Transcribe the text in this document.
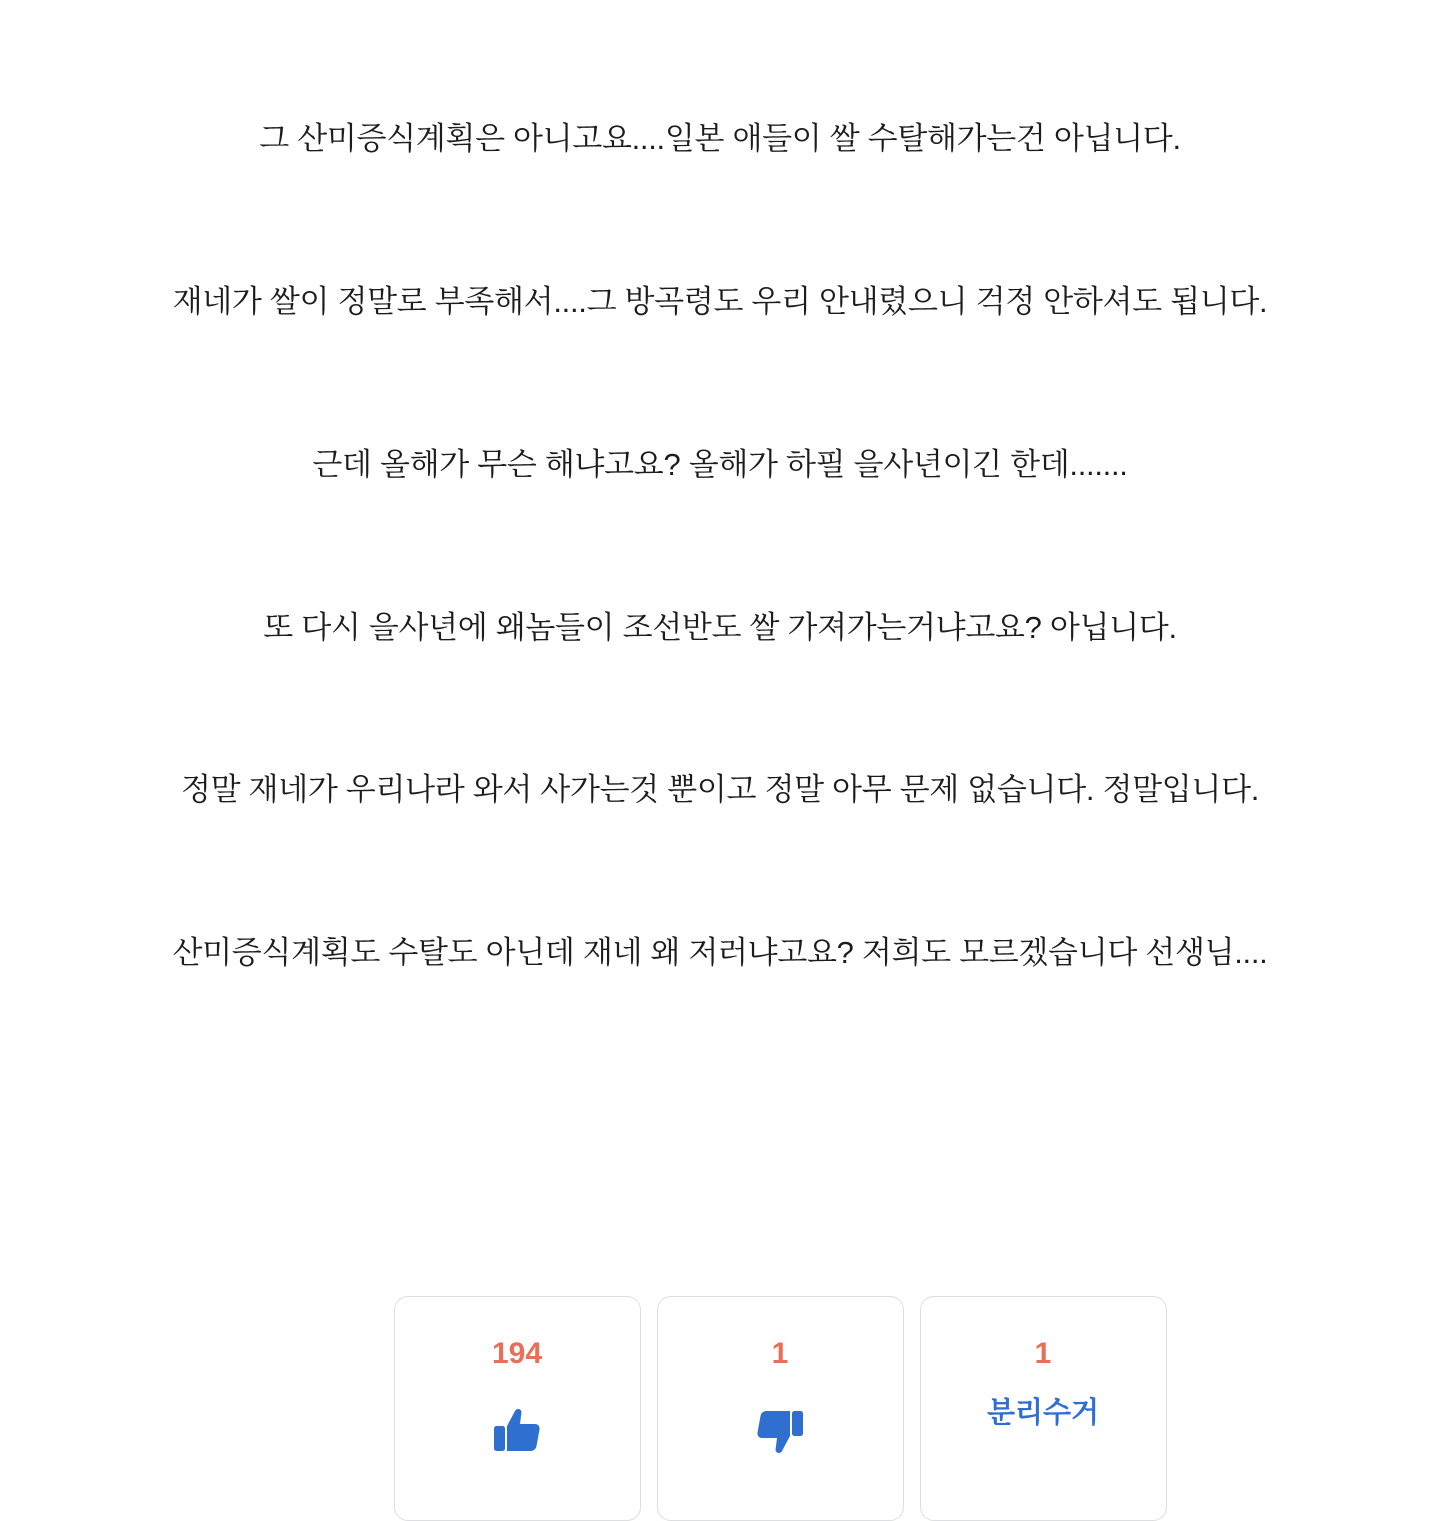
그 산미증식계획은 아니고요....일본 애들이 쌀 수탈해가는건 아닙니다.

재네가 쌀이 정말로 부족해서....그 방곡령도 우리 안내렸으니 걱정 안하셔도 됩니다.

근데 올해가 무슨 해냐고요? 올해가 하필 을사년이긴 한데.......

또 다시 을사년에 왜놈들이 조선반도 쌀 가져가는거냐고요? 아닙니다.

정말 재네가 우리나라 와서 사가는것 뿐이고 정말 아무 문제 없습니다. 정말입니다.

산미증식계획도 수탈도 아닌데 재네 왜 저러냐고요? 저희도 모르겠습니다 선생님....

194	1	1
분리수거
